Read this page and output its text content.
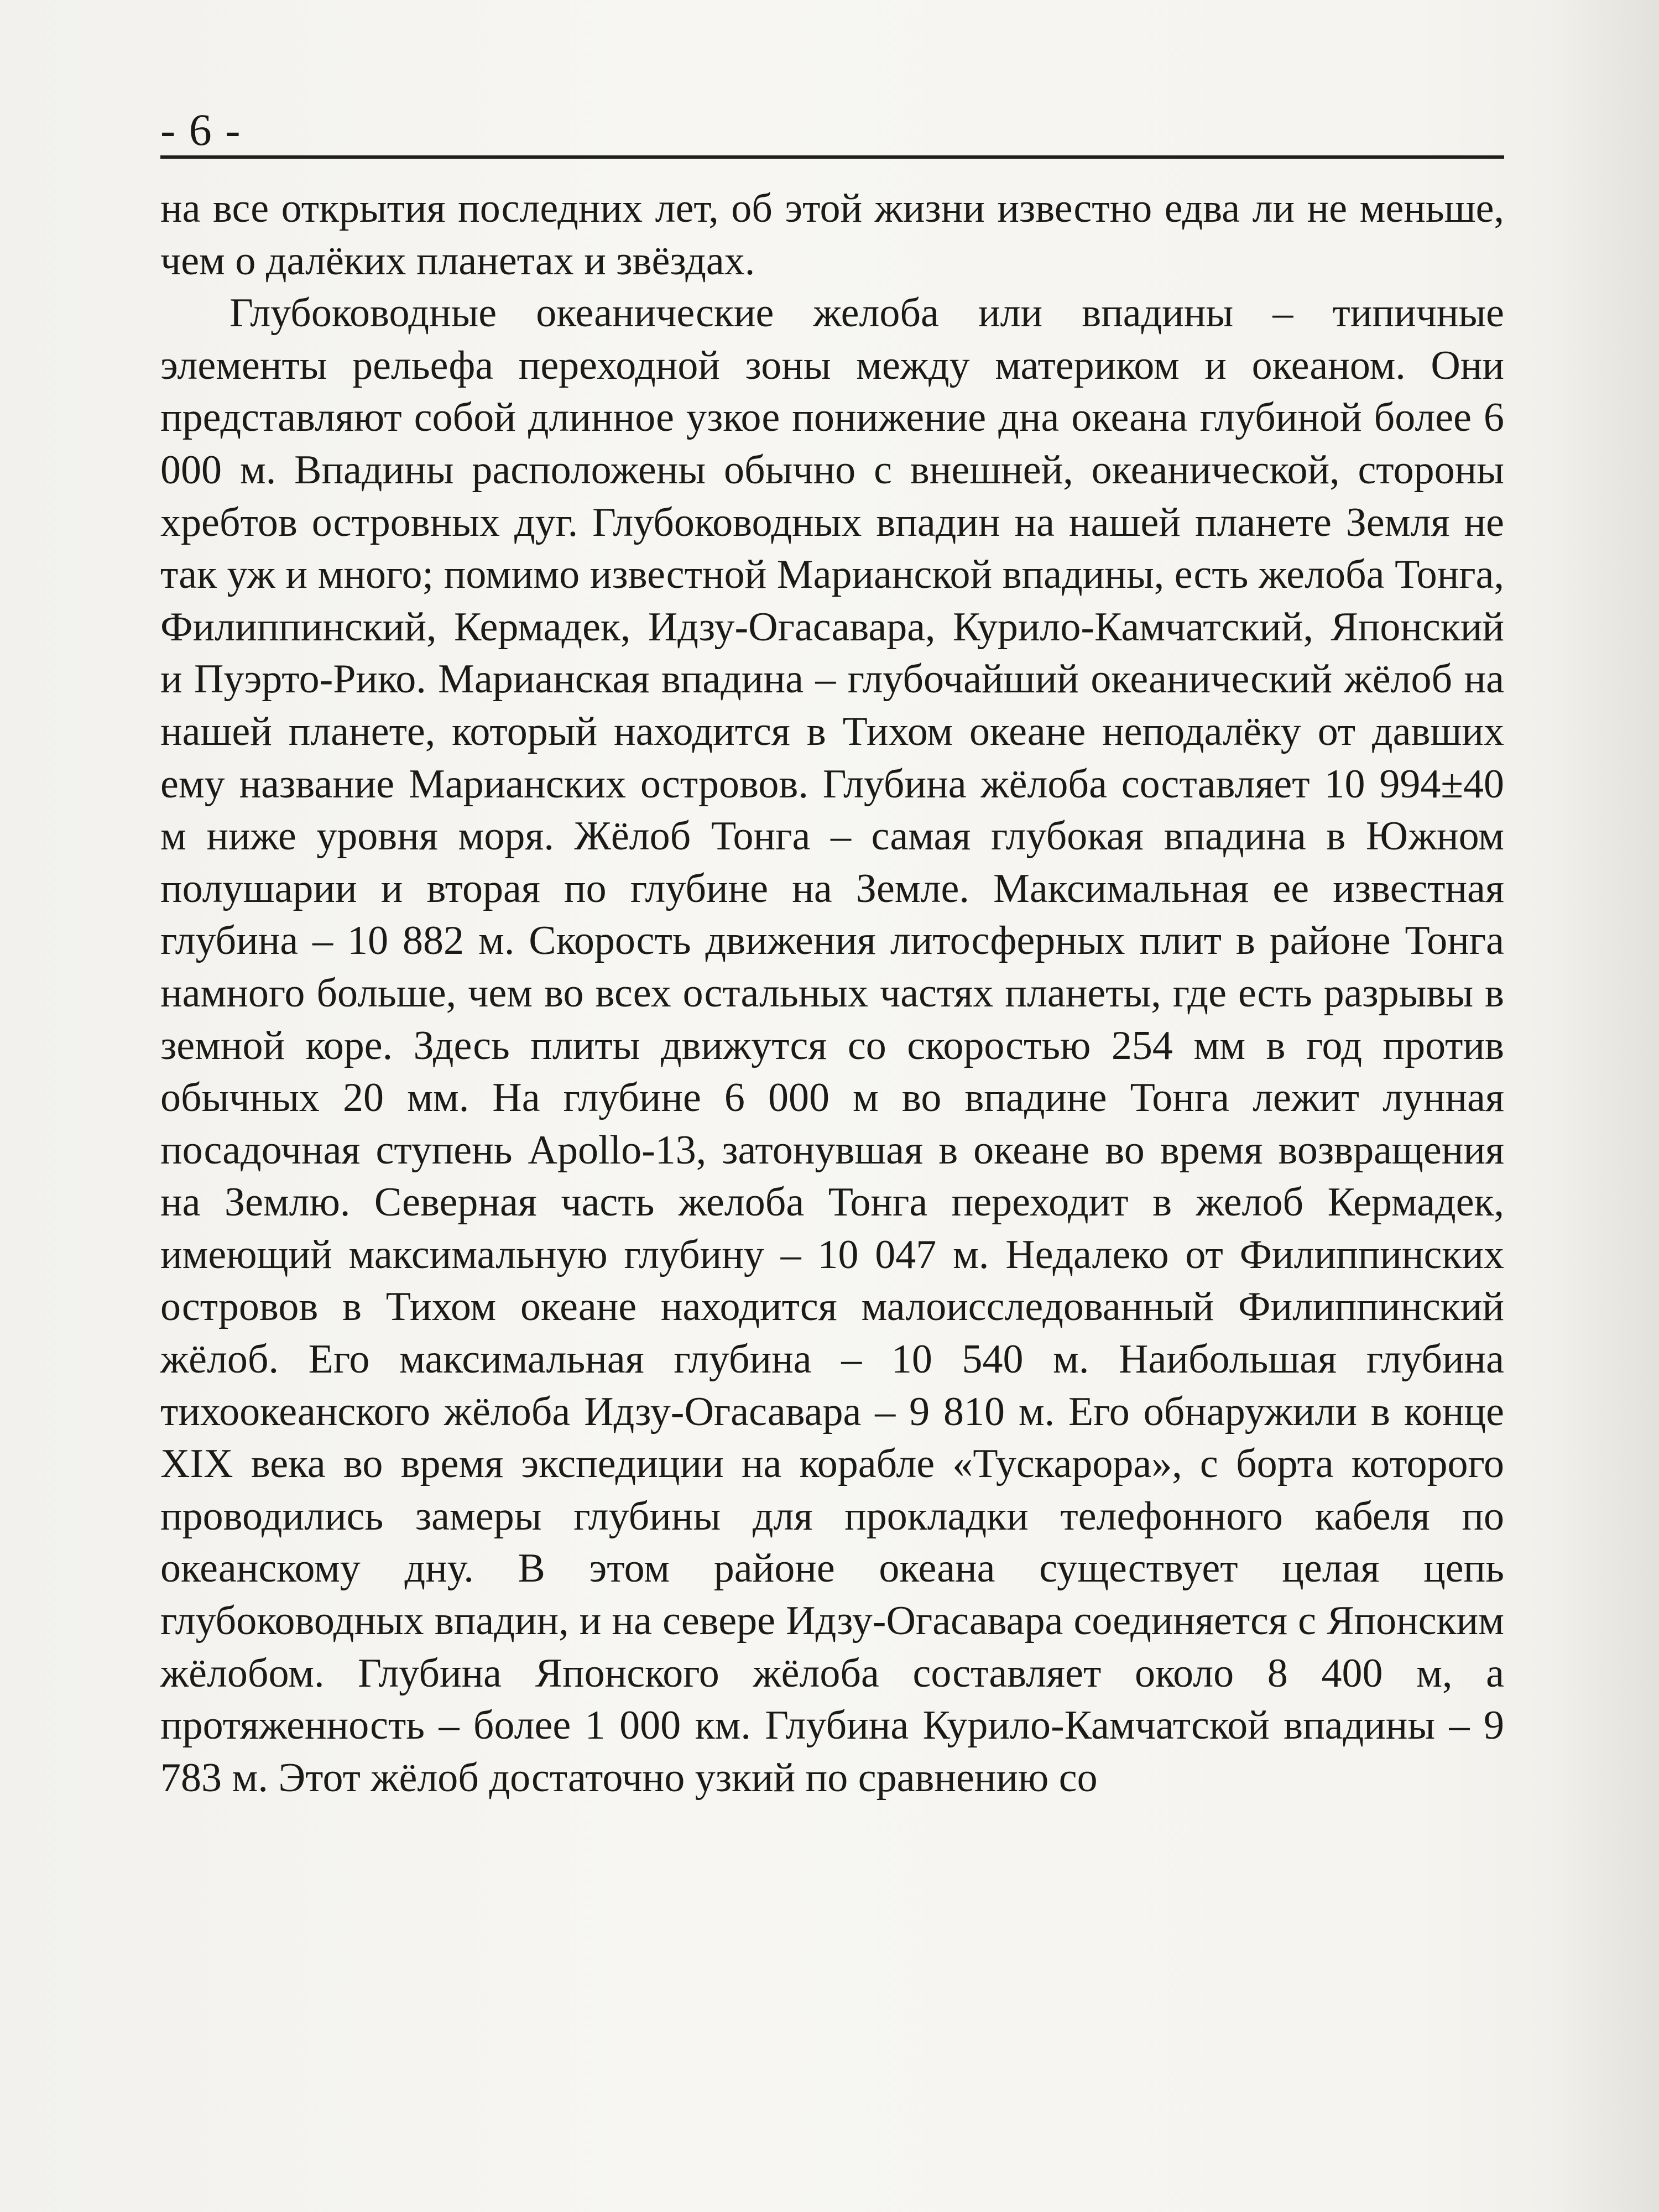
- 6 -

на все открытия последних лет, об этой жизни известно едва ли не меньше, чем о далёких планетах и звёздах.

Глубоководные океанические желоба или впадины – типичные элементы рельефа переходной зоны между материком и океаном. Они представляют собой длинное узкое понижение дна океана глубиной более 6 000 м. Впадины расположены обычно с внешней, океанической, стороны хребтов островных дуг. Глубоководных впадин на нашей планете Земля не так уж и много; помимо известной Марианской впадины, есть желоба Тонга, Филиппинский, Кермадек, Идзу-Огасавара, Курило-Камчатский, Японский и Пуэрто-Рико. Марианская впадина – глубочайший океанический жёлоб на нашей планете, который находится в Тихом океане неподалёку от давших ему название Марианских островов. Глубина жёлоба составляет 10 994±40 м ниже уровня моря. Жёлоб Тонга – самая глубокая впадина в Южном полушарии и вторая по глубине на Земле. Максимальная ее известная глубина – 10 882 м. Скорость движения литосферных плит в районе Тонга намного больше, чем во всех остальных частях планеты, где есть разрывы в земной коре. Здесь плиты движутся со скоростью 254 мм в год против обычных 20 мм. На глубине 6 000 м во впадине Тонга лежит лунная посадочная ступень Apollo-13, затонувшая в океане во время возвращения на Землю. Северная часть желоба Тонга переходит в желоб Кермадек, имеющий максимальную глубину – 10 047 м. Недалеко от Филиппинских островов в Тихом океане находится малоисследованный Филиппинский жёлоб. Его максимальная глубина – 10 540 м. Наибольшая глубина тихоокеанского жёлоба Идзу-Огасавара – 9 810 м. Его обнаружили в конце XIX века во время экспедиции на корабле «Тускарора», с борта которого проводились замеры глубины для прокладки телефонного кабеля по океанскому дну. В этом районе океана существует целая цепь глубоководных впадин, и на севере Идзу-Огасавара соединяется с Японским жёлобом. Глубина Японского жёлоба составляет около 8 400 м, а протяженность – более 1 000 км. Глубина Курило-Камчатской впадины – 9 783 м. Этот жёлоб достаточно узкий по сравнению со
